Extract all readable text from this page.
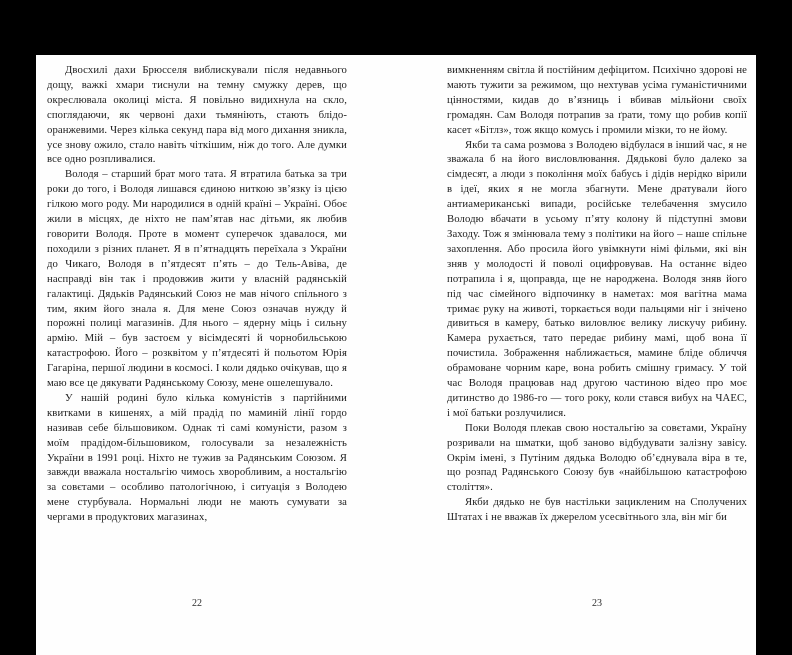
Двосхилі дахи Брюсселя виблискували після недавнього дощу, важкі хмари тиснули на темну смужку дерев, що окреслювала околиці міста. Я повільно видихнула на скло, споглядаючи, як червоні дахи тьмяніють, стають блідо-оранжевими. Через кілька секунд пара від мого дихання зникла, усе знову ожило, стало навіть чіткішим, ніж до того. Але думки все одно розпливалися.

Володя – старший брат мого тата. Я втратила батька за три роки до того, і Володя лишався єдиною ниткою зв’язку із цією гілкою мого роду. Ми народилися в одній країні – Україні. Обоє жили в місцях, де ніхто не пам’ятав нас дітьми, як любив говорити Володя. Проте в момент суперечок здавалося, ми походили з різних планет. Я в п’ятнадцять переїхала з України до Чикаго, Володя в п’ятдесят п’ять – до Тель-Авіва, де насправді він так і продовжив жити у власній радянській галактиці. Дядьків Радянський Союз не мав нічого спільного з тим, яким його знала я. Для мене Союз означав нужду й порожні полиці магазинів. Для нього – ядерну міць і сильну армію. Мій – був застоєм у вісімдесяті й чорнобильською катастрофою. Його – розквітом у п’ятдесяті й польотом Юрія Гагаріна, першої людини в космосі. І коли дядько очікував, що я маю все це дякувати Радянському Союзу, мене ошелешувало.

У нашій родині було кілька комуністів з партійними квитками в кишенях, а мій прадід по маминій лінії гордо називав себе більшовиком. Однак ті самі комуністи, разом з моїм прадідом-більшовиком, голосували за незалежність України в 1991 році. Ніхто не тужив за Радянським Союзом. Я завжди вважала ностальгію чимось хворобливим, а ностальгію за совєтами – особливо патологічною, і ситуація з Володею мене стурбувала. Нормальні люди не мають сумувати за чергами в продуктових магазинах,

22

вимкненням світла й постійним дефіцитом. Психічно здорові не мають тужити за режимом, що нехтував усіма гуманістичними цінностями, кидав до в’язниць і вбивав мільйони своїх громадян. Сам Володя потрапив за ґрати, тому що робив копії касет «Бітлз», тож якщо комусь і промили мізки, то не йому.

Якби та сама розмова з Володею відбулася в інший час, я не зважала б на його висловлювання. Дядькові було далеко за сімдесят, а люди з покоління моїх бабусь і дідів нерідко вірили в ідеї, яких я не могла збагнути. Мене дратували його антиамериканські випади, російське телебачення змусило Володю вбачати в усьому п’яту колону й підступні змови Заходу. Тож я змінювала тему з політики на його – наше спільне захоплення. Або просила його увімкнути німі фільми, які він зняв у молодості й поволі оцифровував. На останнє відео потрапила і я, щоправда, ще не народжена. Володя зняв його під час сімейного відпочинку в наметах: моя вагітна мама тримає руку на животі, торкається води пальцями ніг і знічено дивиться в камеру, батько виловлює велику лискучу рибину. Камера рухається, тато передає рибину мамі, щоб вона її почистила. Зображення наближається, мамине бліде обличчя обрамоване чорним каре, вона робить смішну гримасу. У той час Володя працював над другою частиною відео про моє дитинство до 1986-го — того року, коли стався вибух на ЧАЕС, і мої батьки розлучилися.

Поки Володя плекав свою ностальгію за совєтами, Україну розривали на шматки, щоб заново відбудувати залізну завісу. Окрім імені, з Путіним дядька Володю об’єднувала віра в те, що розпад Радянського Союзу був «найбільшою катастрофою століття».

Якби дядько не був настільки зацикленим на Сполучених Штатах і не вважав їх джерелом усесвітнього зла, він міг би

23
